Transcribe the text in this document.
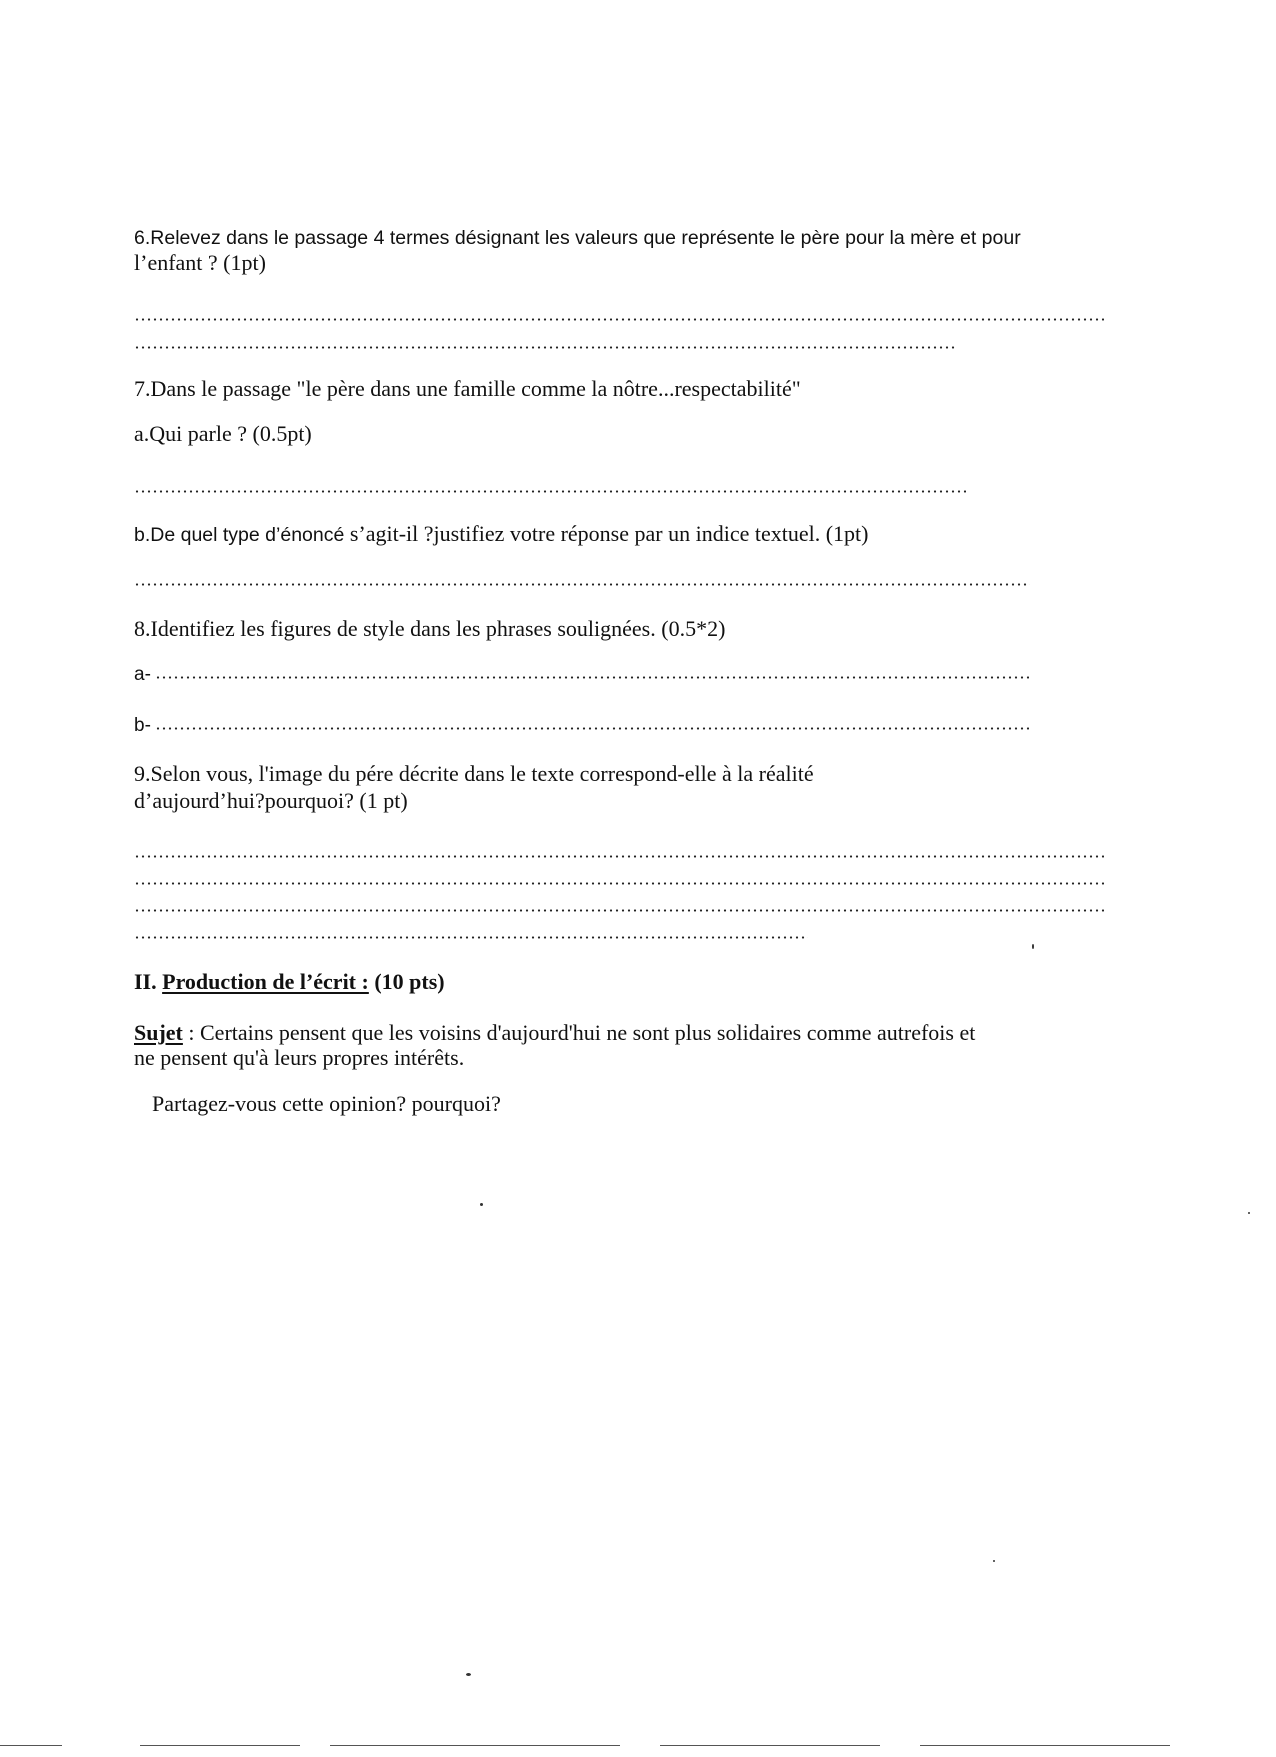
6.Relevez dans le passage 4 termes désignant les valeurs que représente le père pour la mère et pour
l’enfant ? (1pt)
7.Dans le passage "le père dans une famille comme la nôtre...respectabilité"
a.Qui parle ? (0.5pt)
b.De quel type d’énoncé s’agit-il ?justifiez votre réponse par un indice textuel. (1pt)
8.Identifiez les figures de style dans les phrases soulignées. (0.5*2)
a-
b-
9.Selon vous, l'image du pére décrite dans le texte correspond-elle à la réalité
d’aujourd’hui?pourquoi? (1 pt)
II. Production de l’écrit : (10 pts)
Sujet : Certains pensent que les voisins d'aujourd'hui ne sont plus solidaires comme autrefois et
ne pensent qu'à leurs propres intérêts.
Partagez-vous cette opinion? pourquoi?
